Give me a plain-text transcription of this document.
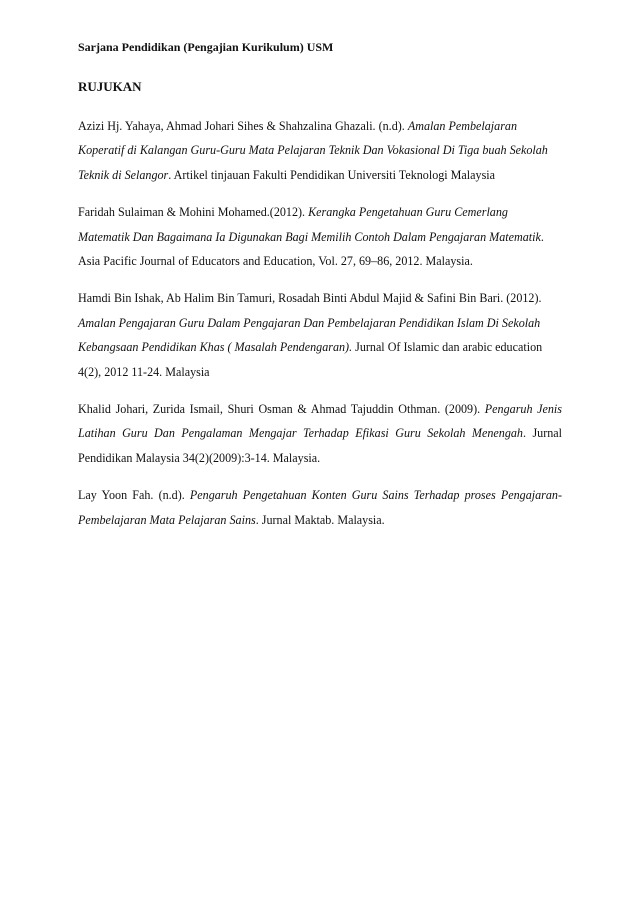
Sarjana Pendidikan (Pengajian Kurikulum) USM
RUJUKAN

Azizi Hj. Yahaya, Ahmad Johari Sihes & Shahzalina Ghazali. (n.d). Amalan Pembelajaran Koperatif di Kalangan Guru-Guru Mata Pelajaran Teknik Dan Vokasional Di Tiga buah Sekolah Teknik di Selangor. Artikel tinjauan Fakulti Pendidikan Universiti Teknologi Malaysia

Faridah Sulaiman & Mohini Mohamed.(2012). Kerangka Pengetahuan Guru Cemerlang Matematik Dan Bagaimana Ia Digunakan Bagi Memilih Contoh Dalam Pengajaran Matematik. Asia Pacific Journal of Educators and Education, Vol. 27, 69–86, 2012. Malaysia.

Hamdi Bin Ishak, Ab Halim Bin Tamuri, Rosadah Binti Abdul Majid & Safini Bin Bari. (2012). Amalan Pengajaran Guru Dalam Pengajaran Dan Pembelajaran Pendidikan Islam Di Sekolah Kebangsaan Pendidikan Khas ( Masalah Pendengaran). Jurnal Of Islamic dan arabic education 4(2), 2012 11-24. Malaysia

Khalid Johari, Zurida Ismail, Shuri Osman & Ahmad Tajuddin Othman. (2009). Pengaruh Jenis Latihan Guru Dan Pengalaman Mengajar Terhadap Efikasi Guru Sekolah Menengah. Jurnal Pendidikan Malaysia 34(2)(2009):3-14. Malaysia.

Lay Yoon Fah. (n.d). Pengaruh Pengetahuan Konten Guru Sains Terhadap proses Pengajaran-Pembelajaran Mata Pelajaran Sains. Jurnal Maktab. Malaysia.
